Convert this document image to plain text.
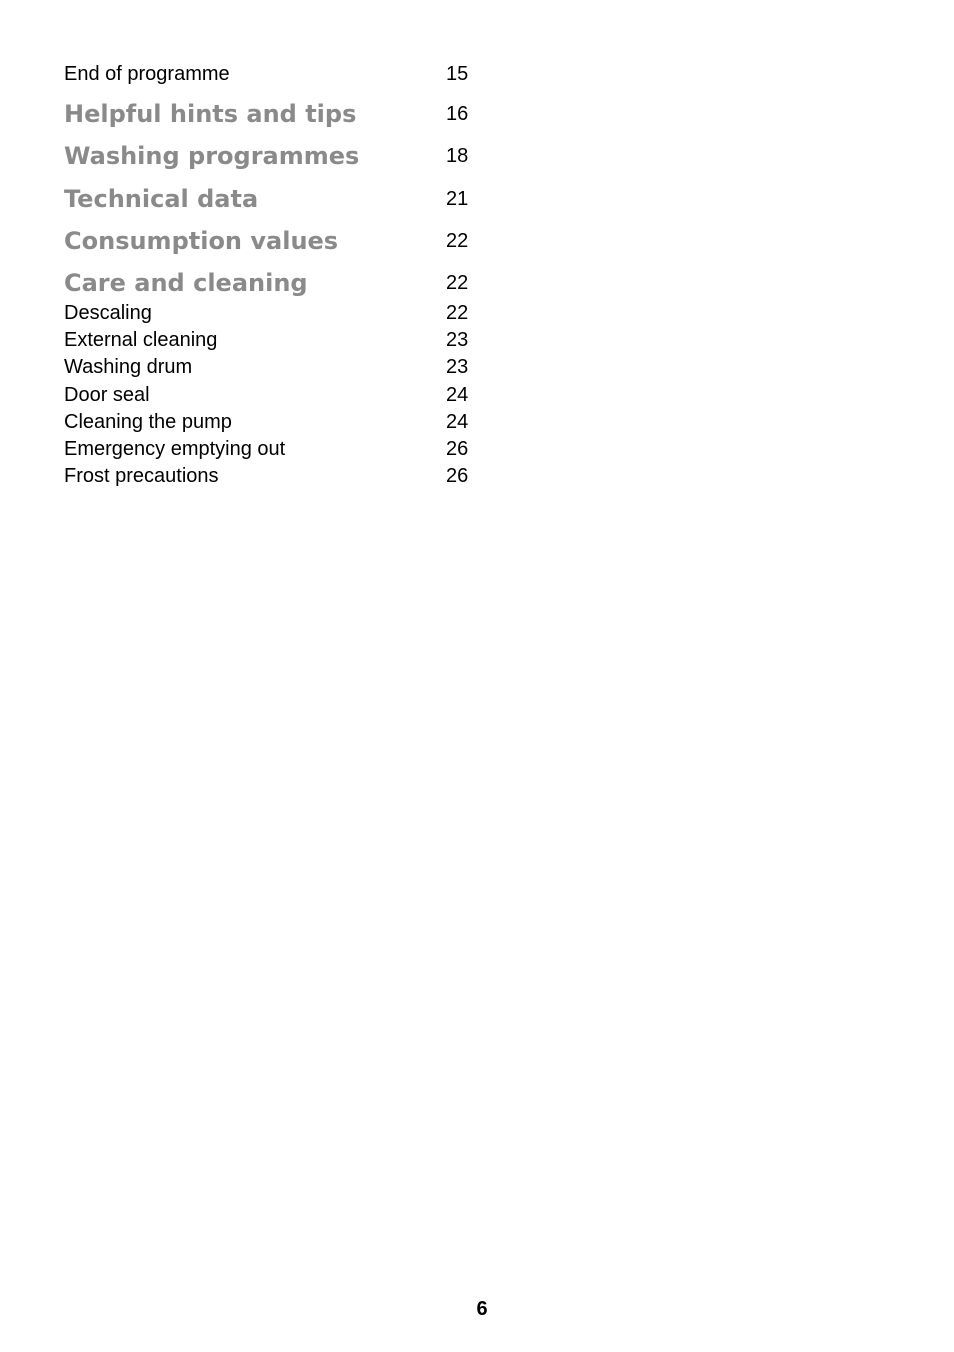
End of programme	15
Helpful hints and tips	16
Washing programmes	18
Technical data	21
Consumption values	22
Care and cleaning	22
Descaling	22
External cleaning	23
Washing drum	23
Door seal	24
Cleaning the pump	24
Emergency emptying out	26
Frost precautions	26
6
